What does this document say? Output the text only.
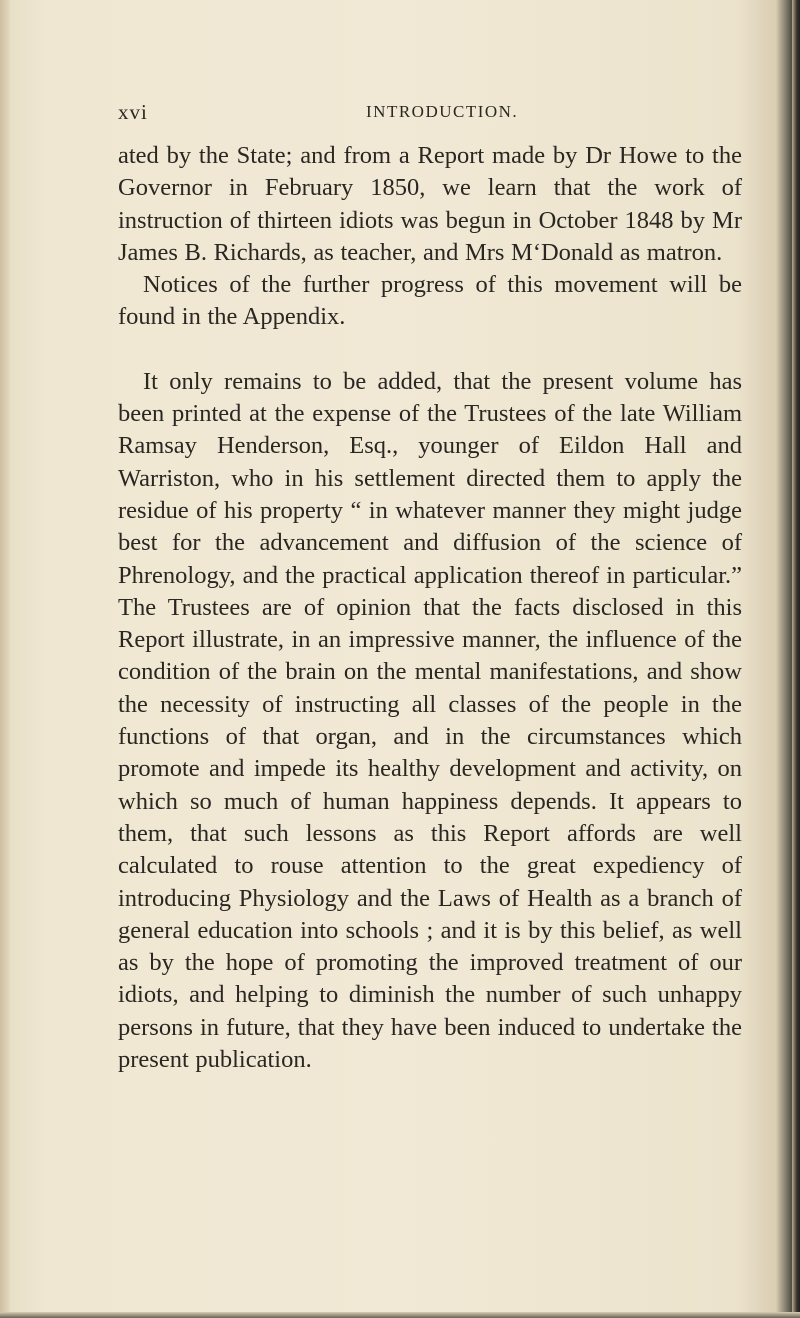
xvi	INTRODUCTION.

ated by the State; and from a Report made by Dr Howe to the Governor in February 1850, we learn that the work of instruction of thirteen idiots was begun in October 1848 by Mr James B. Richards, as teacher, and Mrs M‘Donald as matron.

Notices of the further progress of this movement will be found in the Appendix.

It only remains to be added, that the present volume has been printed at the expense of the Trustees of the late William Ramsay Henderson, Esq., younger of Eildon Hall and Warriston, who in his settlement directed them to apply the residue of his property “ in whatever manner they might judge best for the advancement and diffusion of the science of Phrenology, and the practical application thereof in particular.” The Trustees are of opinion that the facts disclosed in this Report illustrate, in an impressive manner, the influence of the condition of the brain on the mental manifestations, and show the necessity of instructing all classes of the people in the functions of that organ, and in the circumstances which promote and impede its healthy development and activity, on which so much of human happiness depends. It appears to them, that such lessons as this Report affords are well calculated to rouse attention to the great expediency of introducing Physiology and the Laws of Health as a branch of general education into schools ; and it is by this belief, as well as by the hope of promoting the improved treatment of our idiots, and helping to diminish the number of such unhappy persons in future, that they have been induced to undertake the present publication.
